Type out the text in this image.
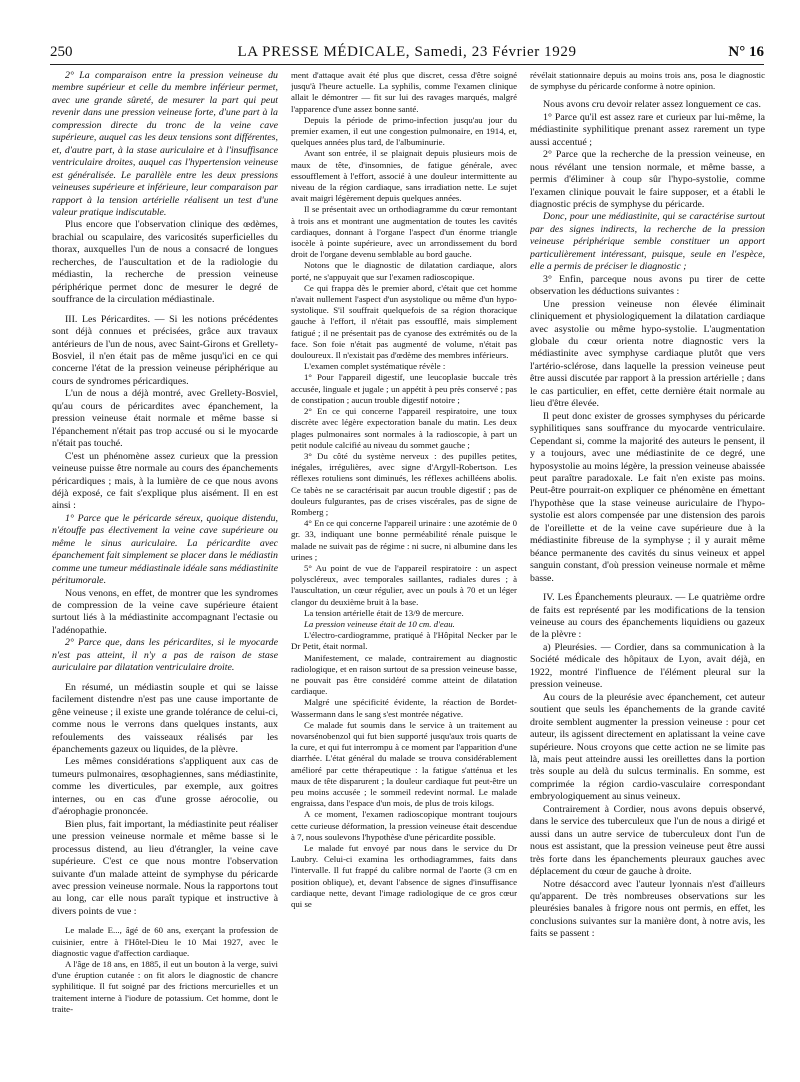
250	LA PRESSE MÉDICALE, Samedi, 23 Février 1929	N° 16

2° La comparaison entre la pression veineuse du membre supérieur et celle du membre inférieur permet, avec une grande sûreté, de mesurer la part qui peut revenir dans une pression veineuse forte, d'une part à la compression directe du tronc de la veine cave supérieure, auquel cas les deux tensions sont différentes, et, d'autre part, à la stase auriculaire et à l'insuffisance ventriculaire droites, auquel cas l'hypertension veineuse est généralisée. Le parallèle entre les deux pressions veineuses supérieure et inférieure, leur comparaison par rapport à la tension artérielle réalisent un test d'une valeur pratique indiscutable.

Plus encore que l'observation clinique des œdèmes, brachial ou scapulaire, des varicosités superficielles du thorax, auxquelles l'un de nous a consacré de longues recherches, de l'auscultation et de la radiologie du médiastin, la recherche de pression veineuse périphérique permet donc de mesurer le degré de souffrance de la circulation médiastinale.

III. Les Péricardites. — Si les notions précédentes sont déjà connues et précisées, grâce aux travaux antérieurs de l'un de nous, avec Saint-Girons et Grellety-Bosviel, il n'en était pas de même jusqu'ici en ce qui concerne l'état de la pression veineuse périphérique au cours de syndromes péricardiques.

L'un de nous a déjà montré, avec Grellety-Bosviel, qu'au cours de péricardites avec épanchement, la pression veineuse était normale et même basse si l'épanchement n'était pas trop accusé ou si le myocarde n'était pas touché.

C'est un phénomène assez curieux que la pression veineuse puisse être normale au cours des épanchements péricardiques ; mais, à la lumière de ce que nous avons déjà exposé, ce fait s'explique plus aisément. Il en est ainsi :

1° Parce que le péricarde séreux, quoique distendu, n'étouffe pas électivement la veine cave supérieure ou même le sinus auriculaire. La péricardite avec épanchement fait simplement se placer dans le médiastin comme une tumeur médiastinale idéale sans médiastinite péritumorale.

Nous venons, en effet, de montrer que les syndromes de compression de la veine cave supérieure étaient surtout liés à la médiastinite accompagnant l'ectasie ou l'adénopathie.

2° Parce que, dans les péricardites, si le myocarde n'est pas atteint, il n'y a pas de raison de stase auriculaire par dilatation ventriculaire droite.

En résumé, un médiastin souple et qui se laisse facilement distendre n'est pas une cause importante de gêne veineuse ; il existe une grande tolérance de celui-ci, comme nous le verrons dans quelques instants, aux refoulements des vaisseaux réalisés par les épanchements gazeux ou liquides, de la plèvre.

Les mêmes considérations s'appliquent aux cas de tumeurs pulmonaires, œsophagiennes, sans médiastinite, comme les diverticules, par exemple, aux goitres internes, ou en cas d'une grosse aérocolie, ou d'aérophagie prononcée.

Bien plus, fait important, la médiastinite peut réaliser une pression veineuse normale et même basse si le processus distend, au lieu d'étrangler, la veine cave supérieure. C'est ce que nous montre l'observation suivante d'un malade atteint de symphyse du péricarde avec pression veineuse normale. Nous la rapportons tout au long, car elle nous paraît typique et instructive à divers points de vue :

Le malade E..., âgé de 60 ans, exerçant la profession de cuisinier, entre à l'Hôtel-Dieu le 10 Mai 1927, avec le diagnostic vague d'affection cardiaque.

A l'âge de 18 ans, en 1885, il eut un bouton à la verge, suivi d'une éruption cutanée : on fit alors le diagnostic de chancre syphilitique. Il fut soigné par des frictions mercurielles et un traitement interne à l'iodure de potassium. Cet homme, dont le traite-

ment d'attaque avait été plus que discret, cessa d'être soigné jusqu'à l'heure actuelle. La syphilis, comme l'examen clinique allait le démontrer — fit sur lui des ravages marqués, malgré l'apparence d'une assez bonne santé.

Depuis la période de primo-infection jusqu'au jour du premier examen, il eut une congestion pulmonaire, en 1914, et, quelques années plus tard, de l'albuminurie.

Avant son entrée, il se plaignait depuis plusieurs mois de maux de tête, d'insomnies, de fatigue générale, avec essoufflement à l'effort, associé à une douleur intermittente au niveau de la région cardiaque, sans irradiation nette. Le sujet avait maigri légèrement depuis quelques années.

Il se présentait avec un orthodiagramme du cœur remontant à trois ans et montrant une augmentation de toutes les cavités cardiaques, donnant à l'organe l'aspect d'un énorme triangle isocèle à pointe supérieure, avec un arrondissement du bord droit de l'organe devenu semblable au bord gauche.

Notons que le diagnostic de dilatation cardiaque, alors porté, ne s'appuyait que sur l'examen radioscopique.

Ce qui frappa dès le premier abord, c'était que cet homme n'avait nullement l'aspect d'un asystolique ou même d'un hypo-systolique. S'il souffrait quelquefois de sa région thoracique gauche à l'effort, il n'était pas essoufflé, mais simplement fatigué ; il ne présentait pas de cyanose des extrémités ou de la face. Son foie n'était pas augmenté de volume, n'était pas douloureux. Il n'existait pas d'œdème des membres inférieurs.

L'examen complet systématique révèle :

1° Pour l'appareil digestif, une leucoplasie buccale très accusée, linguale et jugale ; un appétit à peu près conservé ; pas de constipation ; aucun trouble digestif notoire ;

2° En ce qui concerne l'appareil respiratoire, une toux discrète avec légère expectoration banale du matin. Les deux plages pulmonaires sont normales à la radioscopie, à part un petit nodule calcifié au niveau du sommet gauche ;

3° Du côté du système nerveux : des pupilles petites, inégales, irrégulières, avec signe d'Argyll-Robertson. Les réflexes rotuliens sont diminués, les réflexes achilléens abolis. Ce tabès ne se caractérisait par aucun trouble digestif ; pas de douleurs fulgurantes, pas de crises viscérales, pas de signe de Romberg ;

4° En ce qui concerne l'appareil urinaire : une azotémie de 0 gr. 33, indiquant une bonne perméabilité rénale puisque le malade ne suivait pas de régime : ni sucre, ni albumine dans les urines ;

5° Au point de vue de l'appareil respiratoire : un aspect polyscléreux, avec temporales saillantes, radiales dures ; à l'auscultation, un cœur régulier, avec un pouls à 70 et un léger clangor du deuxième bruit à la base.

La tension artérielle était de 13/9 de mercure.

La pression veineuse était de 10 cm. d'eau.

L'électro-cardiogramme, pratiqué à l'Hôpital Necker par le Dr Petit, était normal.

Manifestement, ce malade, contrairement au diagnostic radiologique, et en raison surtout de sa pression veineuse basse, ne pouvait pas être considéré comme atteint de dilatation cardiaque.

Malgré une spécificité évidente, la réaction de Bordet-Wassermann dans le sang s'est montrée négative.

Ce malade fut soumis dans le service à un traitement au novarsénobenzol qui fut bien supporté jusqu'aux trois quarts de la cure, et qui fut interrompu à ce moment par l'apparition d'une diarrhée. L'état général du malade se trouva considérablement amélioré par cette thérapeutique : la fatigue s'atténua et les maux de tête disparurent ; la douleur cardiaque fut peut-être un peu moins accusée ; le sommeil redevint normal. Le malade engraissa, dans l'espace d'un mois, de plus de trois kilogs.

A ce moment, l'examen radioscopique montrant toujours cette curieuse déformation, la pression veineuse était descendue à 7, nous soulevons l'hypothèse d'une péricardite possible.

Le malade fut envoyé par nous dans le service du Dr Laubry. Celui-ci examina les orthodiagrammes, faits dans l'intervalle. Il fut frappé du calibre normal de l'aorte (3 cm en position oblique), et, devant l'absence de signes d'insuffisance cardiaque nette, devant l'image radiologique de ce gros cœur qui se

révélait stationnaire depuis au moins trois ans, posa le diagnostic de symphyse du péricarde conforme à notre opinion.

Nous avons cru devoir relater assez longuement ce cas.

1° Parce qu'il est assez rare et curieux par lui-même, la médiastinite syphilitique prenant assez rarement un type aussi accentué ;

2° Parce que la recherche de la pression veineuse, en nous révélant une tension normale, et même basse, a permis d'éliminer à coup sûr l'hypo-systolie, comme l'examen clinique pouvait le faire supposer, et a établi le diagnostic précis de symphyse du péricarde.

Donc, pour une médiastinite, qui se caractérise surtout par des signes indirects, la recherche de la pression veineuse périphérique semble constituer un apport particulièrement intéressant, puisque, seule en l'espèce, elle a permis de préciser le diagnostic ;

3° Enfin, parceque nous avons pu tirer de cette observation les déductions suivantes :

Une pression veineuse non élevée éliminait cliniquement et physiologiquement la dilatation cardiaque avec asystolie ou même hypo-systolie. L'augmentation globale du cœur orienta notre diagnostic vers la médiastinite avec symphyse cardiaque plutôt que vers l'artério-sclérose, dans laquelle la pression veineuse peut être aussi discutée par rapport à la pression artérielle ; dans le cas particulier, en effet, cette dernière était normale au lieu d'être élevée.

Il peut donc exister de grosses symphyses du péricarde syphilitiques sans souffrance du myocarde ventriculaire. Cependant si, comme la majorité des auteurs le pensent, il y a toujours, avec une médiastinite de ce degré, une hyposystolie au moins légère, la pression veineuse abaissée peut paraître paradoxale. Le fait n'en existe pas moins. Peut-être pourrait-on expliquer ce phénomène en émettant l'hypothèse que la stase veineuse auriculaire de l'hypo-systolie est alors compensée par une distension des parois de l'oreillette et de la veine cave supérieure due à la médiastinite fibreuse de la symphyse ; il y aurait même béance permanente des cavités du sinus veineux et appel sanguin constant, d'où pression veineuse normale et même basse.

IV. Les Épanchements pleuraux. — Le quatrième ordre de faits est représenté par les modifications de la tension veineuse au cours des épanchements liquidiens ou gazeux de la plèvre :

a) Pleurésies. — Cordier, dans sa communication à la Société médicale des hôpitaux de Lyon, avait déjà, en 1922, montré l'influence de l'élément pleural sur la pression veineuse.

Au cours de la pleurésie avec épanchement, cet auteur soutient que seuls les épanchements de la grande cavité droite semblent augmenter la pression veineuse : pour cet auteur, ils agissent directement en aplatissant la veine cave supérieure. Nous croyons que cette action ne se limite pas là, mais peut atteindre aussi les oreillettes dans la portion très souple au delà du sulcus terminalis. En somme, est comprimée la région cardio-vasculaire correspondant embryologiquement au sinus veineux.

Contrairement à Cordier, nous avons depuis observé, dans le service des tuberculeux que l'un de nous a dirigé et aussi dans un autre service de tuberculeux dont l'un de nous est assistant, que la pression veineuse peut être aussi très forte dans les épanchements pleuraux gauches avec déplacement du cœur de gauche à droite.

Notre désaccord avec l'auteur lyonnais n'est d'ailleurs qu'apparent. De très nombreuses observations sur les pleurésies banales à frigore nous ont permis, en effet, les conclusions suivantes sur la manière dont, à notre avis, les faits se passent :
